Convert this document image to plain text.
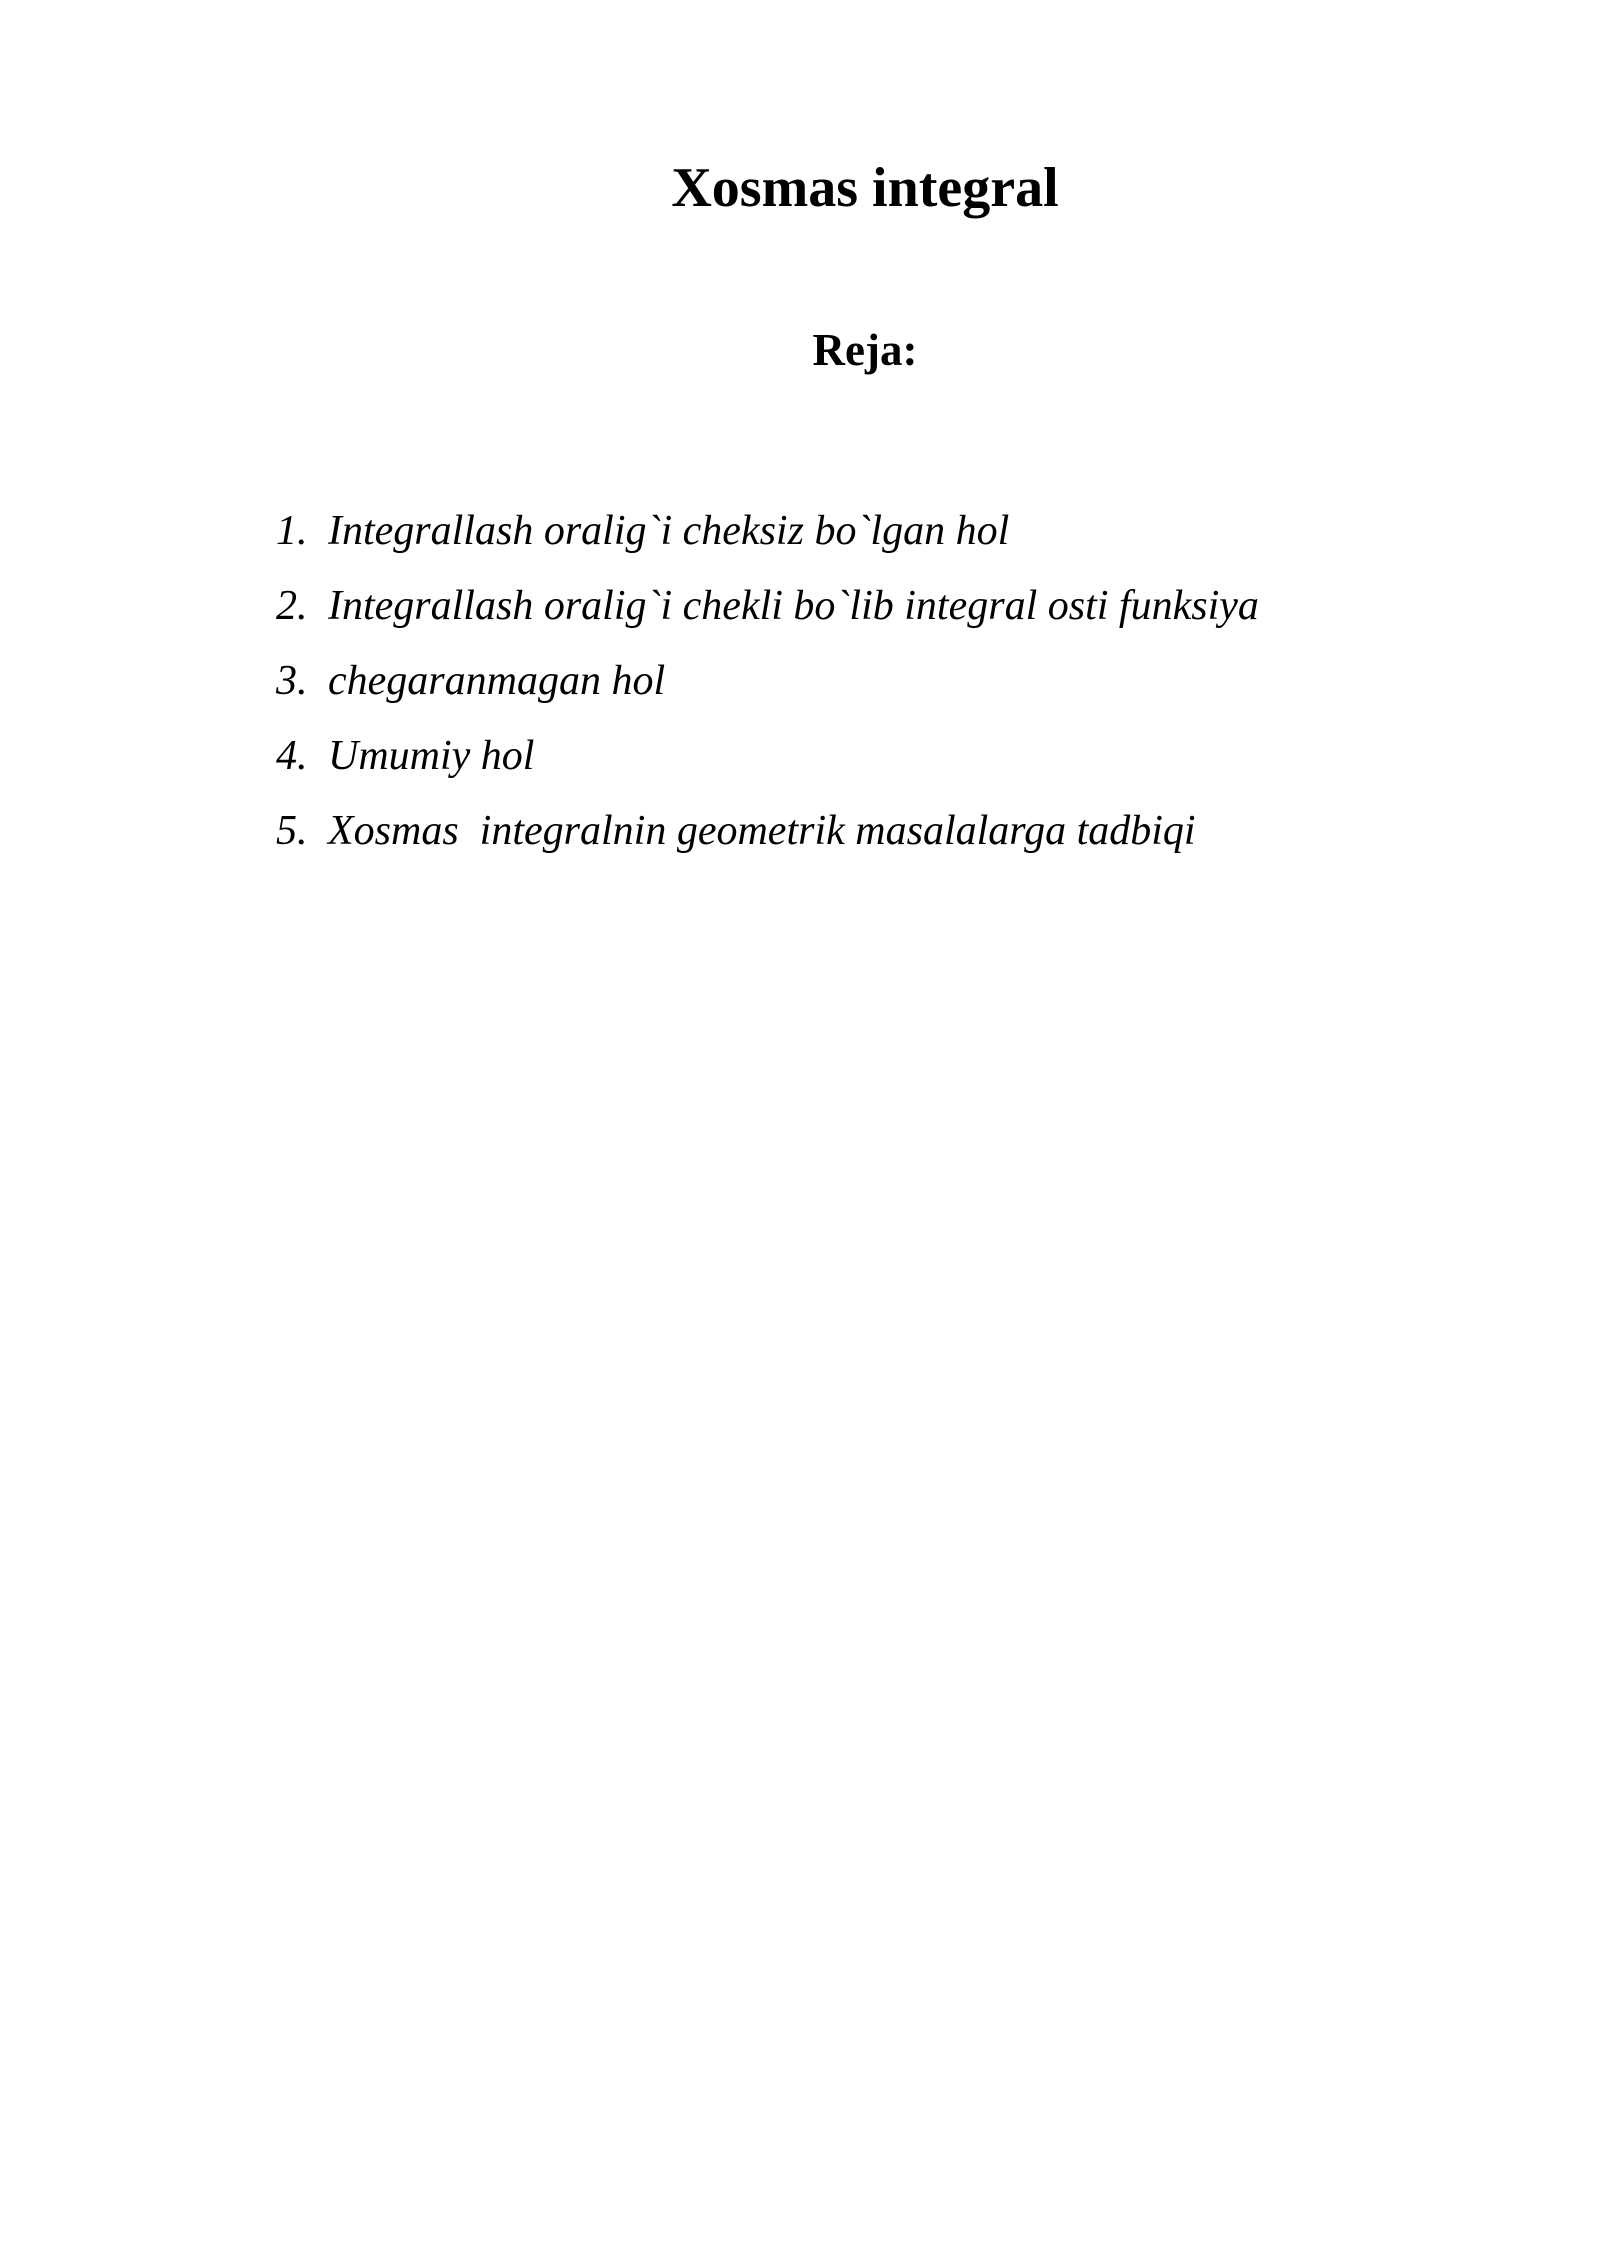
Xosmas integral
Reja:

1.

Integrallash oralig`i cheksiz bo`lgan hol

2.

Integrallash oralig`i chekli bo`lib integral osti funksiya

3.

chegaranmagan hol

4.

Umumiy hol

5.

Xosmas  integralnin geometrik masalalarga tadbiqi
